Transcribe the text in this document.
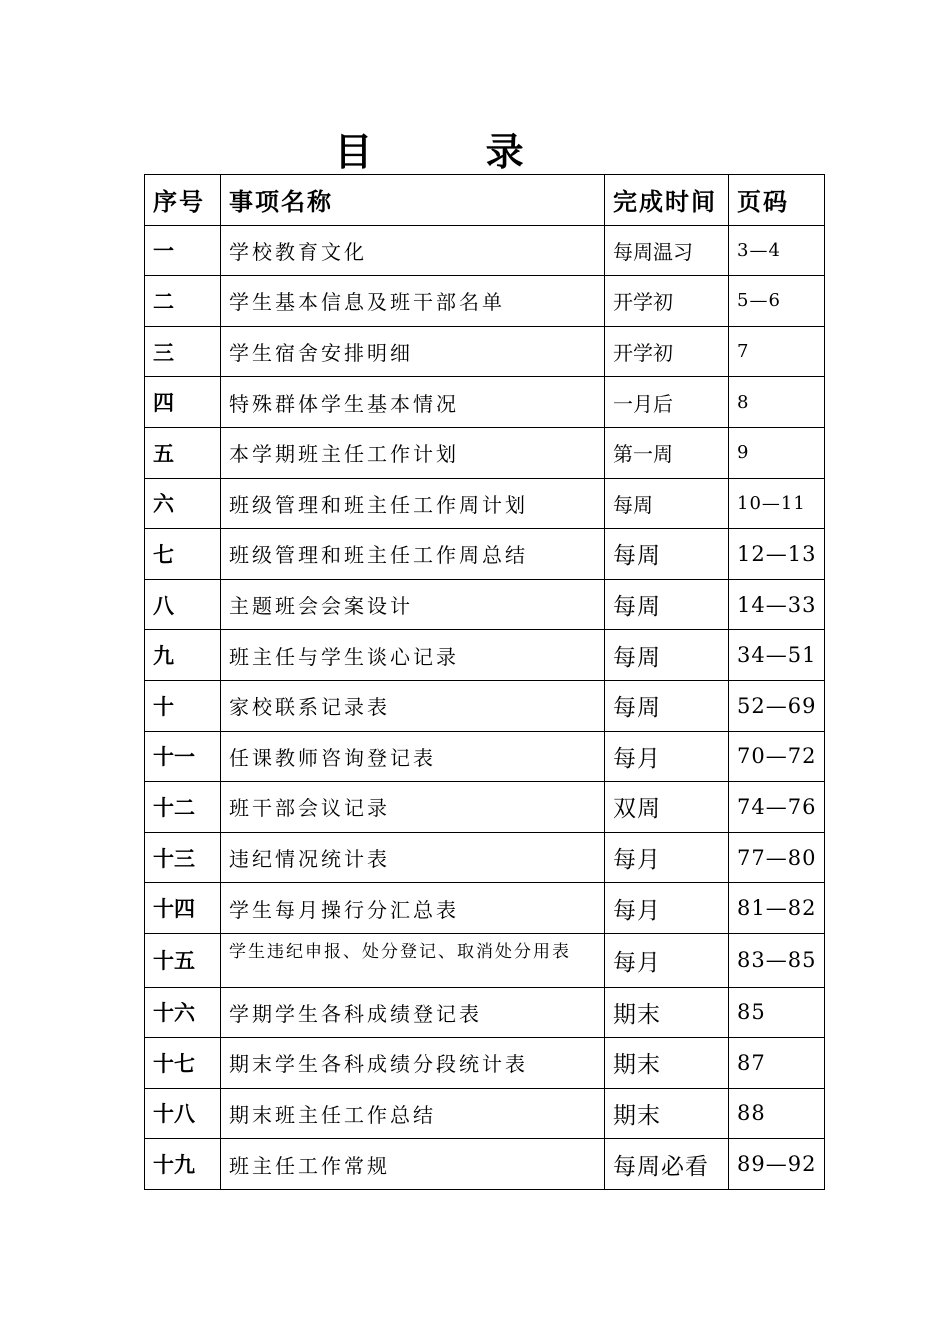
目 录
序号	事项名称	完成时间	页码
一	学校教育文化	每周温习	3—4
二	学生基本信息及班干部名单	开学初	5—6
三	学生宿舍安排明细	开学初	7
四	特殊群体学生基本情况	一月后	8
五	本学期班主任工作计划	第一周	9
六	班级管理和班主任工作周计划	每周	10—11
七	班级管理和班主任工作周总结	每周	12—13
八	主题班会会案设计	每周	14—33
九	班主任与学生谈心记录	每周	34—51
十	家校联系记录表	每周	52—69
十一	任课教师咨询登记表	每月	70—72
十二	班干部会议记录	双周	74—76
十三	违纪情况统计表	每月	77—80
十四	学生每月操行分汇总表	每月	81—82
十五	学生违纪申报、处分登记、取消处分用表	每月	83—85
十六	学期学生各科成绩登记表	期末	85
十七	期末学生各科成绩分段统计表	期末	87
十八	期末班主任工作总结	期末	88
十九	班主任工作常规	每周必看	89—92
